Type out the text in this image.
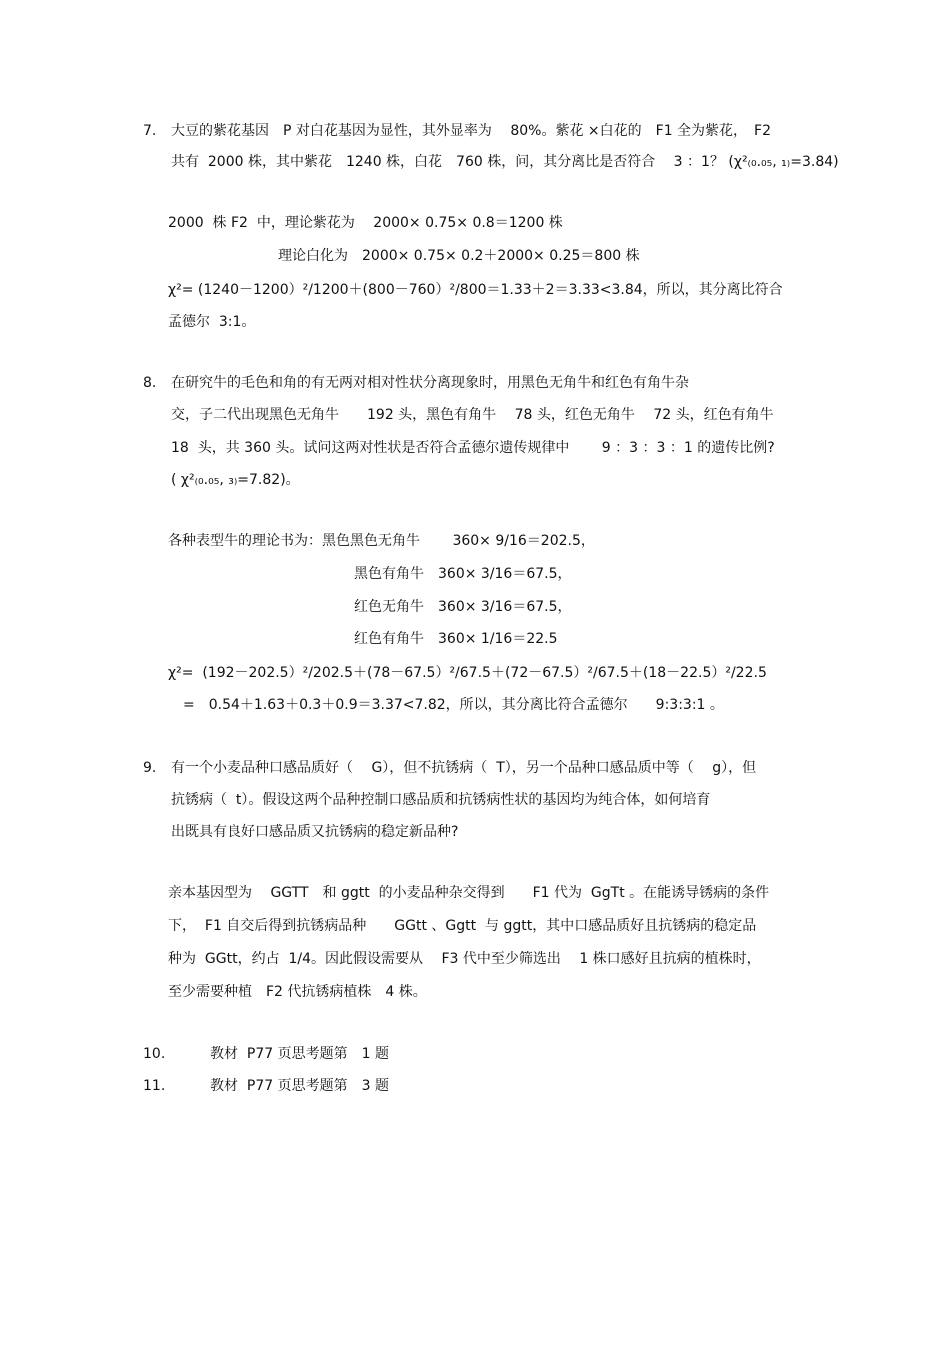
7. 大豆的紫花基因　P 对白花基因为显性，其外显率为　 80%。紫花 ×白花的　F1 全为紫花，　F2
共有  2000 株，其中紫花　1240 株，白花　760 株，问，其分离比是否符合　 3 ：1？ (χ²₍₀.₀₅, ₁₎=3.84)
2000  株 F2  中，理论紫花为　 2000× 0.75× 0.8＝1200 株
理论白化为　2000× 0.75× 0.2＋2000× 0.25＝800 株
χ²= (1240－1200）²/1200＋(800－760）²/800＝1.33＋2＝3.33<3.84，所以，其分离比符合
孟德尔  3:1。
8. 在研究牛的毛色和角的有无两对相对性状分离现象时，用黑色无角牛和红色有角牛杂
交，子二代出现黑色无角牛　　192 头，黑色有角牛　 78 头，红色无角牛　 72 头，红色有角牛
18  头，共 360 头。试问这两对性状是否符合孟德尔遗传规律中　　 9 ：3 ：3 ：1 的遗传比例?
( χ²₍₀.₀₅, ₃₎=7.82)。
各种表型牛的理论书为：黑色黑色无角牛　　 360× 9/16＝202.5，
黑色有角牛　360× 3/16＝67.5，
红色无角牛　360× 3/16＝67.5，
红色有角牛　360× 1/16＝22.5
χ²=  (192－202.5）²/202.5＋(78－67.5）²/67.5＋(72－67.5）²/67.5＋(18－22.5）²/22.5
=　0.54＋1.63＋0.3＋0.9＝3.37<7.82，所以，其分离比符合孟德尔　　9:3:3:1 。
9. 有一个小麦品种口感品质好（　 G），但不抗锈病（  T），另一个品种口感品质中等（　 g），但
抗锈病（  t）。假设这两个品种控制口感品质和抗锈病性状的基因均为纯合体，如何培育
出既具有良好口感品质又抗锈病的稳定新品种?
亲本基因型为　 GGTT　和 ggtt  的小麦品种杂交得到　　F1 代为  GgTt 。在能诱导锈病的条件
下，  F1 自交后得到抗锈病品种　　GGtt 、Ggtt  与 ggtt，其中口感品质好且抗锈病的稳定品
种为  GGtt，约占  1/4。因此假设需要从　 F3 代中至少筛选出　 1 株口感好且抗病的植株时，
至少需要种植　F2 代抗锈病植株　4 株。
10.	教材  P77 页思考题第　1 题
11.	教材  P77 页思考题第　3 题
